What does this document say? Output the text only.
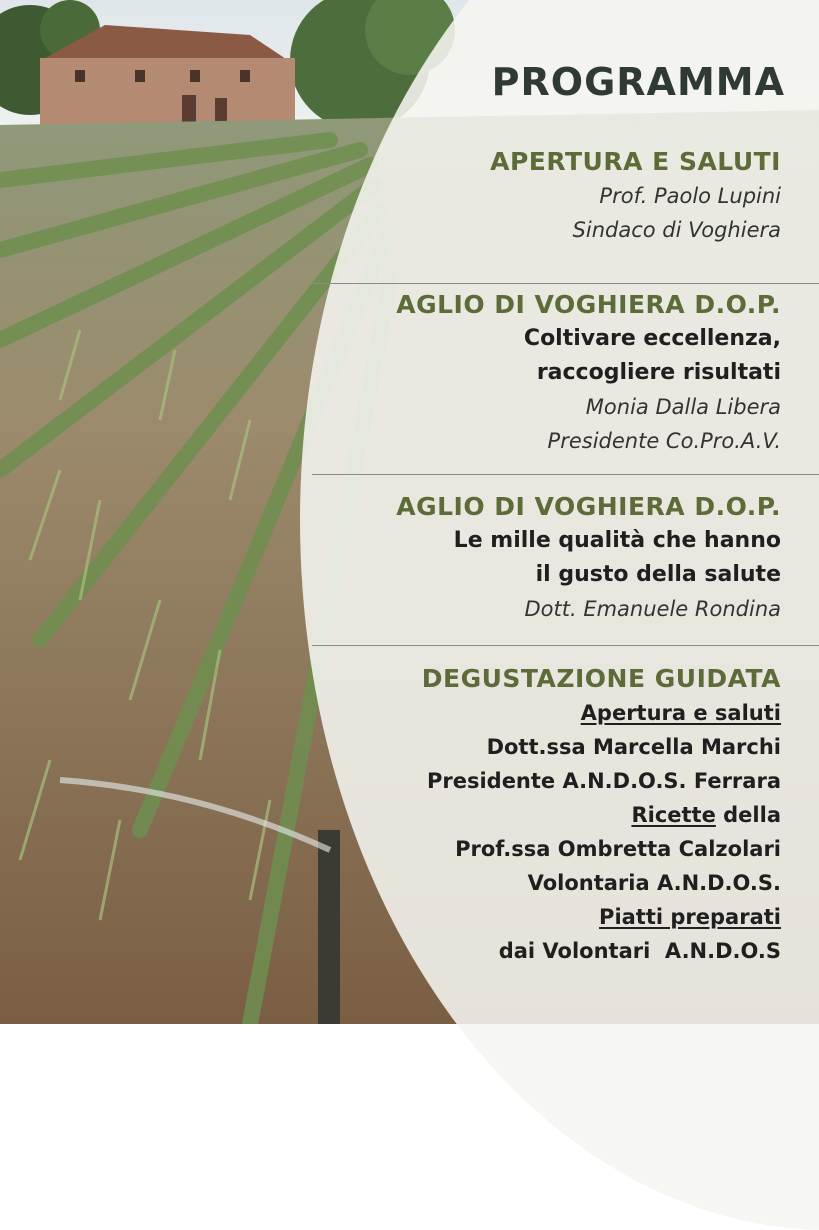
PROGRAMMA
APERTURA E SALUTI
Prof. Paolo Lupini
Sindaco di Voghiera
AGLIO DI VOGHIERA D.O.P.
Coltivare eccellenza,
raccogliere risultati
Monia Dalla Libera
Presidente Co.Pro.A.V.
AGLIO DI VOGHIERA D.O.P.
Le mille qualità che hanno
il gusto della salute
Dott. Emanuele Rondina
DEGUSTAZIONE GUIDATA
Apertura e saluti
Dott.ssa Marcella Marchi
Presidente A.N.D.O.S. Ferrara
Ricette della
Prof.ssa Ombretta Calzolari
Volontaria A.N.D.O.S.
Piatti preparati
dai Volontari  A.N.D.O.S
